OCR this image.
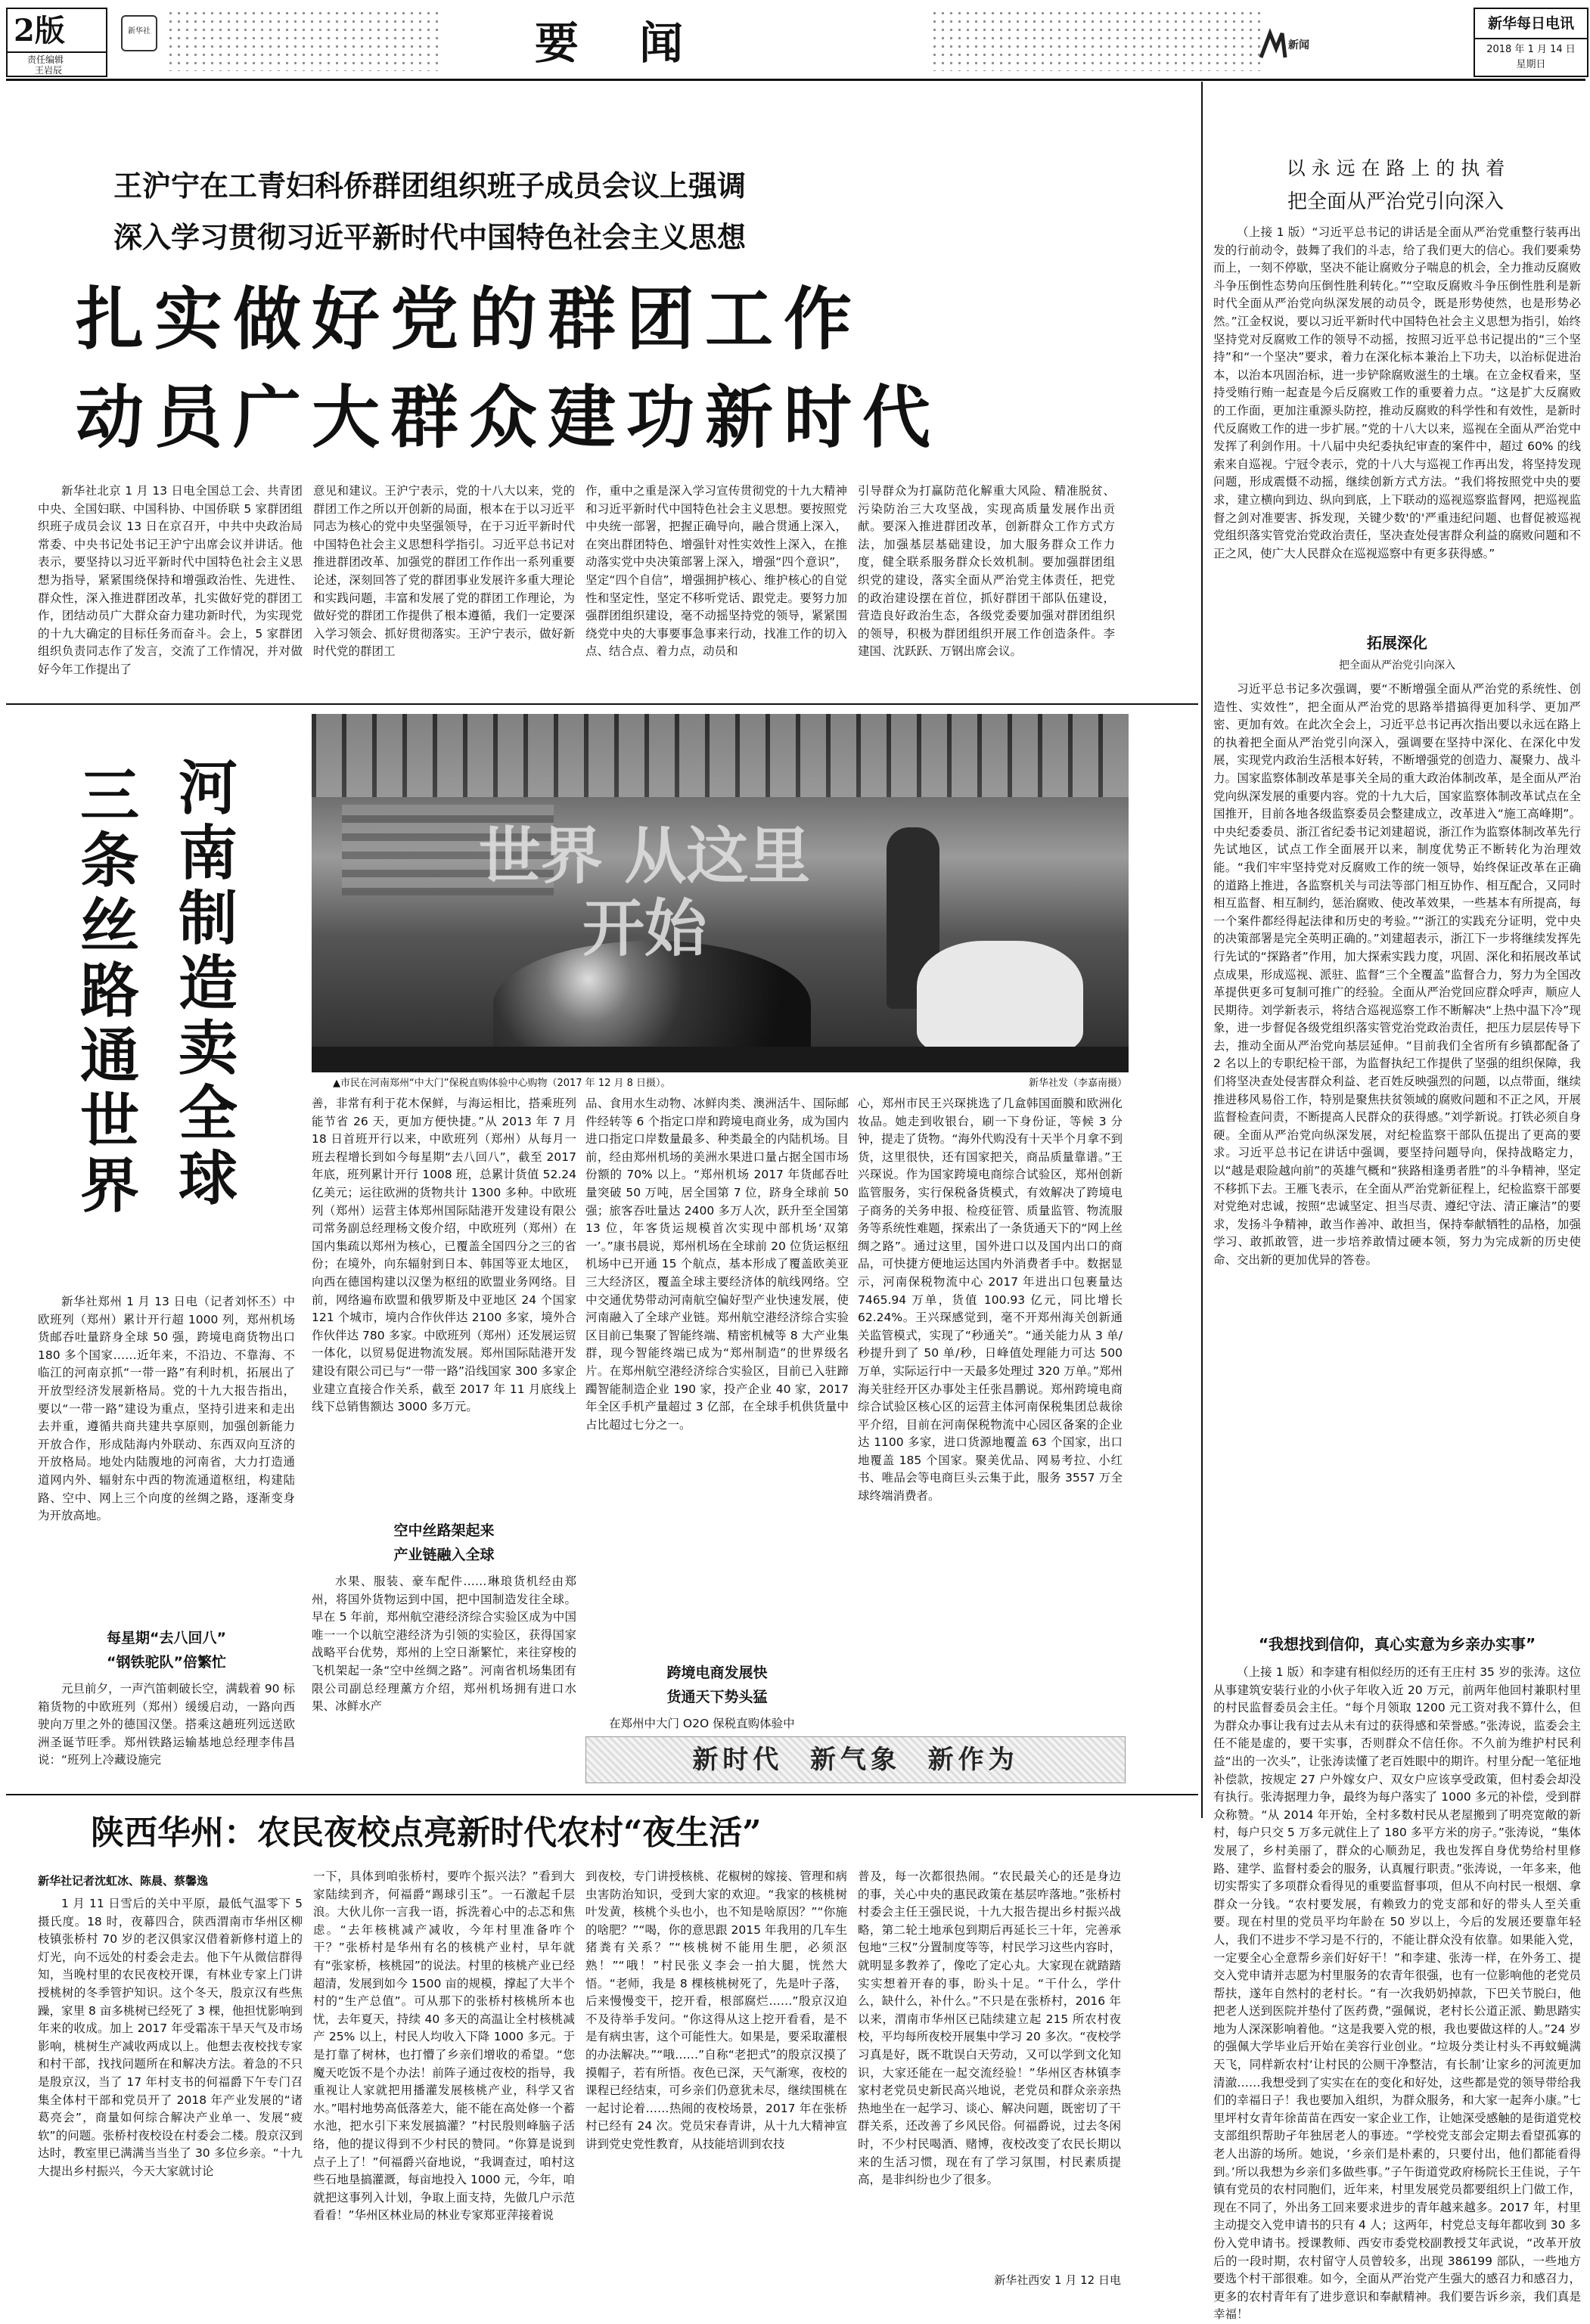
2版
责任编辑
王岩辰
新华社	要 闻	新闻
新华每日电讯
2018 年 1 月 14 日
星期日
王沪宁在工青妇科侨群团组织班子成员会议上强调
深入学习贯彻习近平新时代中国特色社会主义思想
扎实做好党的群团工作
动员广大群众建功新时代

新华社北京 1 月 13 日电全国总工会、共青团中央、全国妇联、中国科协、中国侨联 5 家群团组织班子成员会议 13 日在京召开，中共中央政治局常委、中央书记处书记王沪宁出席会议并讲话。他表示，要坚持以习近平新时代中国特色社会主义思想为指导，紧紧围绕保持和增强政治性、先进性、群众性，深入推进群团改革，扎实做好党的群团工作，团结动员广大群众奋力建功新时代，为实现党的十九大确定的目标任务而奋斗。会上，5 家群团组织负责同志作了发言，交流了工作情况，并对做好今年工作提出了

意见和建议。王沪宁表示，党的十八大以来，党的群团工作之所以开创新的局面，根本在于以习近平同志为核心的党中央坚强领导，在于习近平新时代中国特色社会主义思想科学指引。习近平总书记对推进群团改革、加强党的群团工作作出一系列重要论述，深刻回答了党的群团事业发展许多重大理论和实践问题，丰富和发展了党的群团工作理论，为做好党的群团工作提供了根本遵循，我们一定要深入学习领会、抓好贯彻落实。王沪宁表示，做好新时代党的群团工

作，重中之重是深入学习宣传贯彻党的十九大精神和习近平新时代中国特色社会主义思想。要按照党中央统一部署，把握正确导向，融合贯通上深入，在突出群团特色、增强针对性实效性上深入，在推动落实党中央决策部署上深入，增强“四个意识”，坚定“四个自信”，增强拥护核心、维护核心的自觉性和坚定性，坚定不移听党话、跟党走。要努力加强群团组织建设，毫不动摇坚持党的领导，紧紧围绕党中央的大事要事急事来行动，找准工作的切入点、结合点、着力点，动员和

引导群众为打赢防范化解重大风险、精准脱贫、污染防治三大攻坚战，实现高质量发展作出贡献。要深入推进群团改革，创新群众工作方式方法，加强基层基础建设，加大服务群众工作力度，健全联系服务群众长效机制。要加强群团组织党的建设，落实全面从严治党主体责任，把党的政治建设摆在首位，抓好群团干部队伍建设，营造良好政治生态，各级党委要加强对群团组织的领导，积极为群团组织开展工作创造条件。李建国、沈跃跃、万钢出席会议。

世界 从这里开始
▲市民在河南郑州“中大门”保税直购体验中心购物（2017 年 12 月 8 日摄）。	新华社发（李嘉南摄）
河南制造卖全球
三条丝路通世界

新华社郑州 1 月 13 日电（记者刘怀丕）中欧班列（郑州）累计开行超 1000 列，郑州机场货邮吞吐量跻身全球 50 强，跨境电商货物出口 180 多个国家……近年来，不沿边、不靠海、不临江的河南京抓“一带一路”有利时机，拓展出了开放型经济发展新格局。党的十九大报告指出，要以“一带一路”建设为重点，坚持引进来和走出去并重，遵循共商共建共享原则，加强创新能力开放合作，形成陆海内外联动、东西双向互济的开放格局。地处内陆腹地的河南省，大力打造通道网内外、辐射东中西的物流通道枢纽，构建陆路、空中、网上三个向度的丝绸之路，逐渐变身为开放高地。

每星期“去八回八”
“钢铁驼队”倍繁忙

元旦前夕，一声汽笛刺破长空，满载着 90 标箱货物的中欧班列（郑州）缓缓启动，一路向西驶向万里之外的德国汉堡。搭乘这趟班列远送欧洲圣诞节旺季。郑州铁路运输基地总经理李伟昌说：“班列上冷藏设施完

善，非常有利于花木保鲜，与海运相比，搭乘班列能节省 26 天，更加方便快捷。”从 2013 年 7 月 18 日首班开行以来，中欧班列（郑州）从每月一班去程增长到如今每星期“去八回八”，截至 2017 年底，班列累计开行 1008 班，总累计货值 52.24 亿美元；运往欧洲的货物共计 1300 多种。中欧班列（郑州）运营主体郑州国际陆港开发建设有限公司常务副总经理杨文俊介绍，中欧班列（郑州）在国内集疏以郑州为核心，已覆盖全国四分之三的省份；在境外，向东辐射到日本、韩国等亚太地区，向西在德国构建以汉堡为枢纽的欧盟业务网络。目前，网络遍布欧盟和俄罗斯及中亚地区 24 个国家 121 个城市，境内合作伙伴达 2100 多家，境外合作伙伴达 780 多家。中欧班列（郑州）还发展运贸一体化，以贸易促进物流发展。郑州国际陆港开发建设有限公司已与“一带一路”沿线国家 300 多家企业建立直接合作关系，截至 2017 年 11 月底线上线下总销售额达 3000 多万元。

空中丝路架起来
产业链融入全球

水果、服装、豪车配件……琳琅货机经由郑州，将国外货物运到中国，把中国制造发往全球。早在 5 年前，郑州航空港经济综合实验区成为中国唯一一个以航空港经济为引领的实验区，获得国家战略平台优势，郑州的上空日渐繁忙，来往穿梭的飞机架起一条“空中丝绸之路”。河南省机场集团有限公司副总经理薰方介绍，郑州机场拥有进口水果、冰鲜水产

品、食用水生动物、冰鲜肉类、澳洲活牛、国际邮件经转等 6 个指定口岸和跨境电商业务，成为国内进口指定口岸数量最多、种类最全的内陆机场。目前，经由郑州机场的美洲水果进口量占据全国市场份额的 70% 以上。“郑州机场 2017 年货邮吞吐量突破 50 万吨，居全国第 7 位，跻身全球前 50 强；旅客吞吐量达 2400 多万人次，跃升至全国第 13 位，年客货运规模首次实现中部机场‘双第一’。”康书晨说，郑州机场在全球前 20 位货运枢纽机场中已开通 15 个航点，基本形成了覆盖欧美亚三大经济区，覆盖全球主要经济体的航线网络。空中交通优势带动河南航空偏好型产业快速发展，使河南融入了全球产业链。郑州航空港经济综合实验区目前已集聚了智能终端、精密机械等 8 大产业集群，现今智能终端已成为“郑州制造”的世界级名片。在郑州航空港经济综合实验区，目前已入驻蹄躅智能制造企业 190 家，投产企业 40 家，2017 年全区手机产量超过 3 亿部，在全球手机供货量中占比超过七分之一。

跨境电商发展快
货通天下势头猛

在郑州中大门 O2O 保税直购体验中

心，郑州市民王兴琛挑选了几盒韩国面膜和欧洲化妆品。她走到收银台，刷一下身份证，等候 3 分钟，提走了货物。“海外代购没有十天半个月拿不到货，这里很快，还有国家把关，商品质量靠谱。”王兴琛说。作为国家跨境电商综合试验区，郑州创新监管服务，实行保税备货模式，有效解决了跨境电子商务的关务申报、检疫征管、质量监管、物流服务等系统性难题，探索出了一条货通天下的“网上丝绸之路”。通过这里，国外进口以及国内出口的商品，可快捷方便地运达国内外消费者手中。数据显示，河南保税物流中心 2017 年进出口包裹量达 7465.94 万单，货值 100.93 亿元，同比增长 62.24%。王兴琛感觉到，毫不开郑州海关创新通关监管模式，实现了“秒通关”。“通关能力从 3 单/秒提升到了 50 单/秒，日峰值处理能力可达 500 万单，实际运行中一天最多处理过 320 万单。”郑州海关驻经开区办事处主任张昌鹏说。郑州跨境电商综合试验区核心区的运营主体河南保税集团总裁徐平介绍，目前在河南保税物流中心园区备案的企业达 1100 多家，进口货源地覆盖 63 个国家，出口地覆盖 185 个国家。聚美优品、网易考拉、小红书、唯品会等电商巨头云集于此，服务 3557 万全球终端消费者。

新时代  新气象  新作为
陕西华州：农民夜校点亮新时代农村“夜生活”
新华社记者沈虹冰、陈晨、蔡馨逸

1 月 11 日雪后的关中平原，最低气温零下 5 摄氏度。18 时，夜幕四合，陕西渭南市华州区柳枝镇张桥村 70 岁的老汉俱家汉借着新修村道上的灯光，向不远处的村委会走去。他下午从微信群得知，当晚村里的农民夜校开课，有林业专家上门讲授桃树的冬季管护知识。这个冬天，殷京汉有些焦躁，家里 8 亩多桃树已经死了 3 棵，他担忧影响到年来的收成。加上 2017 年受霜冻干旱天气及市场影响，桃树生产减收两成以上。他想去夜校找专家和村干部，找找问题所在和解决方法。着急的不只是殷京汉，当了 17 年村支书的何福爵下午专门召集全体村干部和党员开了 2018 年产业发展的“诸葛亮会”，商量如何综合解决产业单一、发展“疲软”的问题。张桥村夜校设在村委会二楼。殷京汉到达时，教室里已满满当当坐了 30 多位乡亲。“十九大提出乡村振兴，今天大家就讨论

一下，具体到咱张桥村，要咋个振兴法？”看到大家陆续到齐，何福爵“踢球引玉”。一石激起千层浪。大伙儿你一言我一语，拆洗着心中的忐忑和焦虑。“去年核桃减产减收，今年村里准备咋个干？”张桥村是华州有名的核桃产业村，早年就有“张家桥，核桃园”的说法。村里的核桃产业已经超清，发展到如今 1500 亩的规模，撑起了大半个村的“生产总值”。可从那下的张桥村核桃所本也忧，去年夏天，持续 40 多天的高温让全村核桃减产 25% 以上，村民人均收入下降 1000 多元。于是打靠了树林，也打懵了乡亲们增收的希望。“您魔天吃饭不是个办法！前阵子通过夜校的指导，我重视让人家就把用播灌发展核桃产业，科学又省水。”唱村地势高低落差大，能不能在高处修一个蓄水池，把水引下来发展搞灌？”村民殷则峰脑子活络，他的提议得到不少村民的赞同。“你算是说到点子上了！”何福爵兴奋地说，“我调查过，咱村这些石地垦搞灌溉，每亩地投入 1000 元，今年，咱就把这事列入计划，争取上面支持，先做几户示范看看！”华州区林业局的林业专家郑亚萍接着说

到夜校，专门讲授核桃、花椒树的嫁接、管理和病虫害防治知识，受到大家的欢迎。“我家的核桃树叶发黄，核桃个头也小，也不知是啥原因？”“你施的啥肥？”“喝，你的意思跟 2015 年我用的几车生猪粪有关系？”“核桃树不能用生肥，必须沤熟！”“哦！”村民张义李会一拍大腿，恍然大悟。“老师，我是 8 棵核桃树死了，先是叶子落，后来慢慢变干，挖开看，根部腐烂……”殷京汉迫不及待举手发问。“你这得从这上挖开看看，是不是有病虫害，这个可能性大。如果是，要采取灌根的办法解决。”“哦……”自称“老把式”的殷京汉摸了摸帽子，若有所悟。夜色已深，天气渐寒，夜校的课程已经结束，可乡亲们仍意犹未尽，继续围桃在一起讨论着……热闹的夜校场景，2017 年在张桥村已经有 24 次。党员宋春青讲，从十九大精神宣讲到党史党性教育，从技能培训到农技

普及，每一次都很热闹。“农民最关心的还是身边的事，关心中央的惠民政策在基层咋落地。”张桥村村委会主任王强民说，十九大报告提出乡村振兴战略，第二轮土地承包到期后再延长三十年，完善承包地“三权”分置制度等等，村民学习这些内容时，就明显多教养了，像吃了定心丸。大家现在就踏踏实实想着开春的事，盼头十足。“干什么，学什么，缺什么，补什么。”不只是在张桥村，2016 年以来，渭南市华州区已陆续建立起 215 所农村夜校，平均每所夜校开展集中学习 20 多次。“夜校学习真是好，既不耽误白天劳动，又可以学到文化知识，大家还能在一起交流经验！”华州区杏林镇李家村老党员史新民高兴地说，老党员和群众亲亲热热地坐在一起学习、谈心、解决问题，既密切了干群关系，还改善了乡风民俗。何福爵说，过去冬闲时，不少村民喝酒、赌博，夜校改变了农民长期以来的生活习惯，现在有了学习氛围，村民素质提高，是非纠纷也少了很多。

新华社西安 1 月 12 日电
以 永 远 在 路 上 的 执 着
把全面从严治党引向深入

（上接 1 版）“习近平总书记的讲话是全面从严治党重整行装再出发的行前动令，鼓舞了我们的斗志，给了我们更大的信心。我们要乘势而上，一刻不停歇，坚决不能让腐败分子喘息的机会，全力推动反腐败斗争压倒性态势向压倒性胜利转化。”“空取反腐败斗争压倒性胜利是新时代全面从严治党向纵深发展的动员令，既是形势使然，也是形势必然。”江金权说，要以习近平新时代中国特色社会主义思想为指引，始终坚持党对反腐败工作的领导不动摇，按照习近平总书记提出的“三个坚持”和“一个坚决”要求，着力在深化标本兼治上下功夫，以治标促进治本，以治本巩固治标，进一步铲除腐败滋生的土壤。在立金权看来，坚持受贿行贿一起查是今后反腐败工作的重要着力点。“这是扩大反腐败的工作面，更加注重源头防控，推动反腐败的科学性和有效性，是新时代反腐败工作的进一步扩展。”党的十八大以来，巡视在全面从严治党中发挥了利剑作用。十八届中央纪委执纪审查的案件中，超过 60% 的线索来自巡视。宁冠令表示，党的十八大与巡视工作再出发，将坚持发现问题，形成震慑不动摇，继续创新方式方法。“我们将按照党中央的要求，建立横向到边、纵向到底，上下联动的巡视巡察监督网，把巡视监督之剑对准要害、拆发现，关键少数'的'严重违纪问题、也督促被巡视党组织落实管党治党政治责任，坚决查处侵害群众利益的腐败问题和不正之风，使广大人民群众在巡视巡察中有更多获得感。”

拓展深化
把全面从严治党引向深入

习近平总书记多次强调，要“不断增强全面从严治党的系统性、创造性、实效性”，把全面从严治党的思路举措搞得更加科学、更加严密、更加有效。在此次全会上，习近平总书记再次指出要以永远在路上的执着把全面从严治党引向深入，强调要在坚持中深化、在深化中发展，实现党内政治生活根本好转，不断增强党的创造力、凝聚力、战斗力。国家监察体制改革是事关全局的重大政治体制改革，是全面从严治党向纵深发展的重要内容。党的十九大后，国家监察体制改革试点在全国推开，目前各地各级监察委员会整建成立，改革进入“施工高峰期”。中央纪委委员、浙江省纪委书记刘建超说，浙江作为监察体制改革先行先试地区，试点工作全面展开以来，制度优势正不断转化为治理效能。“我们牢牢坚持党对反腐败工作的统一领导，始终保证改革在正确的道路上推进，各监察机关与司法等部门相互协作、相互配合，又同时相互监督、相互制约，惩治腐败、使改革效果，一些基本有所提高，每一个案件都经得起法律和历史的考验。”“浙江的实践充分证明，党中央的决策部署是完全英明正确的。”刘建超表示，浙江下一步将继续发挥先行先试的“探路者”作用，加大探索实践力度，巩固、深化和拓展改革试点成果，形成巡视、派驻、监督“三个全覆盖”监督合力，努力为全国改革提供更多可复制可推广的经验。全面从严治党回应群众呼声，顺应人民期待。刘学新表示，将结合巡视巡察工作不断解决“上热中温下冷”现象，进一步督促各级党组织落实管党治党政治责任，把压力层层传导下去，推动全面从严治党向基层延伸。“目前我们全省所有乡镇都配备了 2 名以上的专职纪检干部，为监督执纪工作提供了坚强的组织保障，我们将坚决查处侵害群众利益、老百姓反映强烈的问题，以点带面，继续推进移风易俗工作，特别是聚焦扶贫领域的腐败问题和不正之风，开展监督检查问责，不断提高人民群众的获得感。”刘学新说。打铁必须自身硬。全面从严治党向纵深发展，对纪检监察干部队伍提出了更高的要求。习近平总书记在讲话中强调，要坚持问题导向，保持战略定力，以“越是艰险越向前”的英雄气概和“狭路相逢勇者胜”的斗争精神，坚定不移抓下去。王雁飞表示，在全面从严治党新征程上，纪检监察干部要对党绝对忠诚，按照“忠诚坚定、担当尽责、遵纪守法、清正廉洁”的要求，发扬斗争精神，敢当作善冲、敢担当，保持奉献牺牲的品格，加强学习、敢抓敢管，进一步培养敢情过硬本领，努力为完成新的历史使命、交出新的更加优异的答卷。

“我想找到信仰，真心实意为乡亲办实事”

（上接 1 版）和李建有相似经历的还有王庄村 35 岁的张涛。这位从事建筑安装行业的小伙子年收入近 20 万元，前两年他回村兼职村里的村民监督委员会主任。“每个月领取 1200 元工资对我不算什么，但为群众办事让我有过去从未有过的获得感和荣誉感。”张涛说，监委会主任不能是虚的，要干实事，否则群众不信任你。不久前为维护村民利益“出的一次头”，让张涛读懂了老百姓眼中的期许。村里分配一笔征地补偿款，按规定 27 户外嫁女户、双女户应该享受政策，但村委会却没有执行。张涛据理力争，最终为每户落实了 1000 多元的补偿，受到群众称赞。“从 2014 年开始，全村多数村民从老屋搬到了明亮宽敞的新村，每户只交 5 万多元就住上了 180 多平方米的房子。”张涛说，“集体发展了，乡村美丽了，群众的心顺劲足，我也发挥自身优势给村里修路、建学、监督村委会的服务，认真履行职责。”张涛说，一年多来，他切实帮实了多项群众看得见的重要监督事项，但从不向村民一根烟、拿群众一分钱。“农村要发展，有赖致力的党支部和好的带头人至关重要。现在村里的党员平均年龄在 50 岁以上，今后的发展还要靠年轻人，我们不进步不学习是不行的，不能让群众没有依靠。如果能入党，一定要全心全意帮乡亲们好好干！”和李建、张涛一样，在外务工、提交入党申请并志愿为村里服务的农青年很强，也有一位影响他的老党员帮扶，遂年自然村的老村长。“有一次我奶奶掉款，下巴关节脱臼，他把老人送到医院并垫付了医药费，”强佩说，老村长公道正派、勤思踏实地为人深深影响着他。“这是我要入党的根，我也要做这样的人。”24 岁的强佩大学毕业后开始在美容行业创业。“垃圾分类让村头不再蚊蝇满天飞，同样新农村‘让村民的公厕干净整洁，有长制’让家乡的河流更加清澈……我想受到了实实在在的变化和好处，这些都是党的领导带给我们的幸福日子！我也要加入组织，为群众服务，和大家一起奔小康。”七里坪村女青年徐苗苗在西安一家企业工作，让她深受感触的是街道党校支部组织帮助孑年独居老人的事迹。“学校党支部会定期去看望孤寡的老人出游的场所。她说，‘乡亲们是朴素的，只要付出，他们都能看得到。’所以我想为乡亲们多做些事。”子午街道党政府杨院长王佳说，子午镇有党员的农村同胞们，近年来，村里发展党员都要组织上门做工作，现在不同了，外出务工回来要求进步的青年越来越多。2017 年，村里主动提交入党申请书的只有 4 人；这两年，村党总支每年都收到 30 多份入党申请书。授课教师、西安市委党校副教授艾年武说，“改革开放后的一段时期，农村留守人员曾较多，出现 386199 部队，一些地方要选个村干部很难。如今，全面从严治党产生强大的感召力和感召力，更多的农村青年有了进步意识和奉献精神。我们要告诉乡亲，我们真是幸福！
